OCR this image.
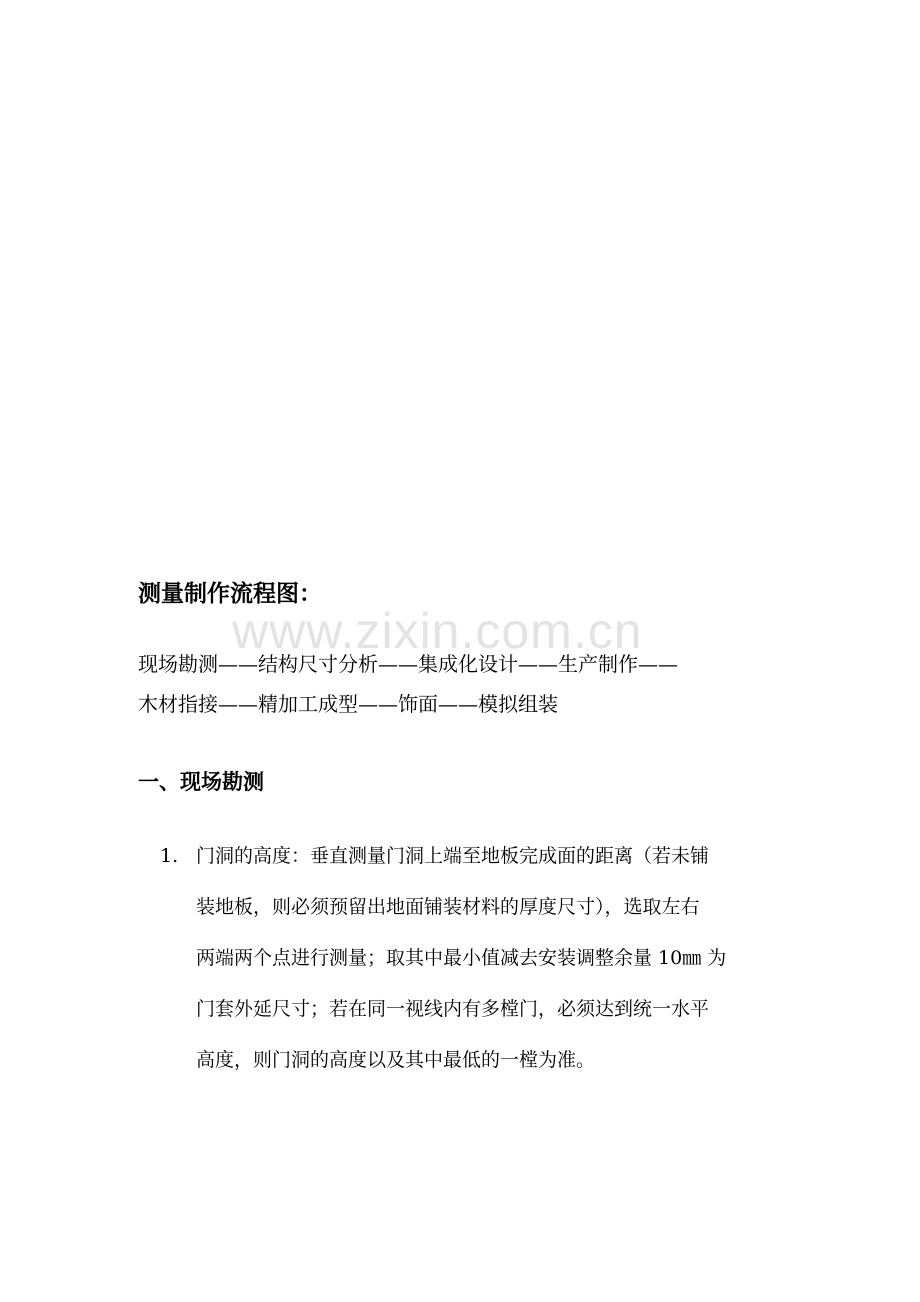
www.zixin.com.cn
测量制作流程图：
现场勘测——结构尺寸分析——集成化设计——生产制作——
木材指接——精加工成型——饰面——模拟组装
一、现场勘测
1. 门洞的高度：垂直测量门洞上端至地板完成面的距离（若未铺
装地板，则必须预留出地面铺装材料的厚度尺寸），选取左右
两端两个点进行测量；取其中最小值减去安装调整余量 10㎜ 为
门套外延尺寸；若在同一视线内有多樘门，必须达到统一水平
高度，则门洞的高度以及其中最低的一樘为准。
